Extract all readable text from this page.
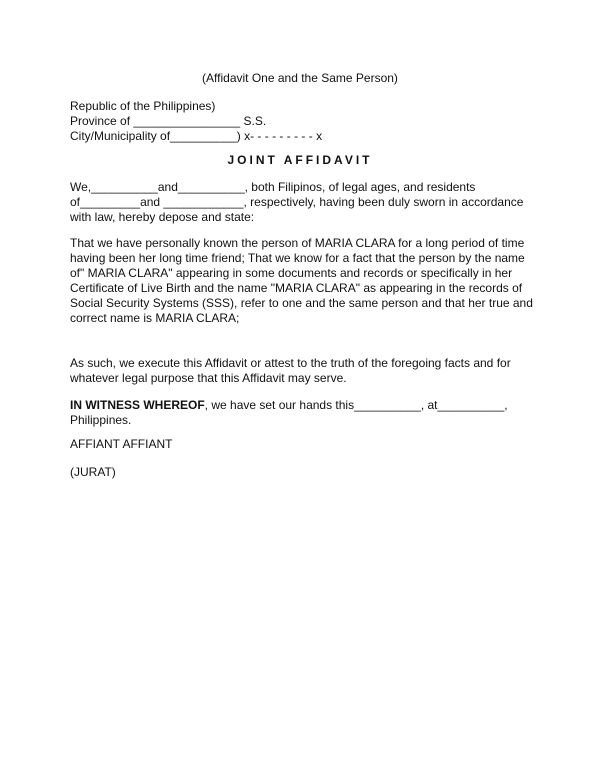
(Affidavit One and the Same Person)
Republic of the Philippines)
Province of ________________ S.S.
City/Municipality of__________) x- - - - - - - - - x
JOINT AFFIDAVIT
We,__________and__________, both Filipinos, of legal ages, and residents
of_________and ____________, respectively, having been duly sworn in accordance
with law, hereby depose and state:
That we have personally known the person of MARIA CLARA for a long period of time
having been her long time friend; That we know for a fact that the person by the name
of" MARIA CLARA" appearing in some documents and records or specifically in her
Certificate of Live Birth and the name "MARIA CLARA" as appearing in the records of
Social Security Systems (SSS), refer to one and the same person and that her true and
correct name is MARIA CLARA;
As such, we execute this Affidavit or attest to the truth of the foregoing facts and for
whatever legal purpose that this Affidavit may serve.
IN WITNESS WHEREOF, we have set our hands this__________, at__________,
Philippines.
AFFIANT AFFIANT
(JURAT)
